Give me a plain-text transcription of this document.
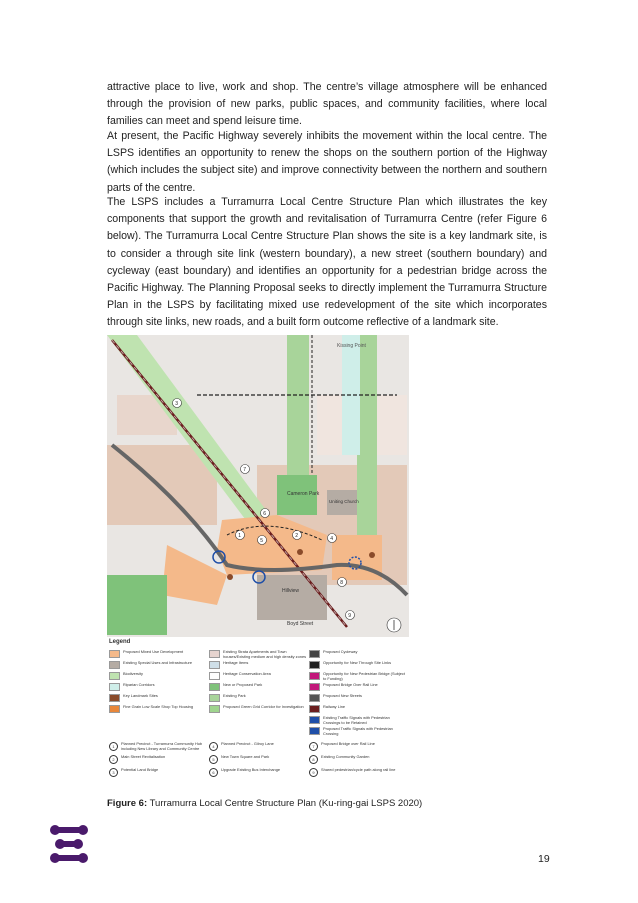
attractive place to live, work and shop. The centre’s village atmosphere will be enhanced through the provision of new parks, public spaces, and community facilities, where local families can meet and spend leisure time.

At present, the Pacific Highway severely inhibits the movement within the local centre. The LSPS identifies an opportunity to renew the shops on the southern portion of the Highway (which includes the subject site) and improve connectivity between the northern and southern parts of the centre.

The LSPS includes a Turramurra Local Centre Structure Plan which illustrates the key components that support the growth and revitalisation of Turramurra Centre (refer Figure 6 below). The Turramurra Local Centre Structure Plan shows the site is a key landmark site, is to consider a through site link (western boundary), a new street (southern boundary) and cycleway (east boundary) and identifies an opportunity for a pedestrian bridge across the Pacific Highway. The Planning Proposal seeks to directly implement the Turramurra Structure Plan in the LSPS by facilitating mixed use redevelopment of the site which incorporates through site links, new roads, and a built form outcome reflective of a landmark site.

Kissing Point
Cameron Park
Uniting Church
Hillview
Boyd Street
3
7
1
5
2	4
6
8
9
Legend
Proposed Mixed Use Development
Existing Special Uses and Infrastructure
Biodiversity
Riparian Corridors
Key Landmark Sites
Fine Grain Low Scale Shop Top Housing
Existing Strata Apartments and Town houses/Existing medium and high density zones
Heritage Items
Heritage Conservation Area
New or Proposed Park
Existing Park
Proposed Green Grid Corridor for Investigation
Proposed Cycleway
Opportunity for New Through Site Links
Opportunity for New Pedestrian Bridge (Subject to Funding)
Proposed Bridge Over Rail Line
Proposed New Streets
Railway Line
Existing Traffic Signals with Pedestrian Crossings to be Retained
Proposed Traffic Signals with Pedestrian Crossing
1
Planned Precinct - Turramurra Community Hub including New Library and Community Centre
2
Main Street Revitalisation
3
Potential Land Bridge
4
Planned Precinct - Gilroy Lane
5
New Town Square and Park
6
Upgrade Existing Bus Interchange
7
Proposed Bridge over Rail Line
8
Existing Community Garden
9
Shared pedestrian/cycle path along rail line
Figure 6: Turramurra Local Centre Structure Plan (Ku-ring-gai LSPS 2020)
19
